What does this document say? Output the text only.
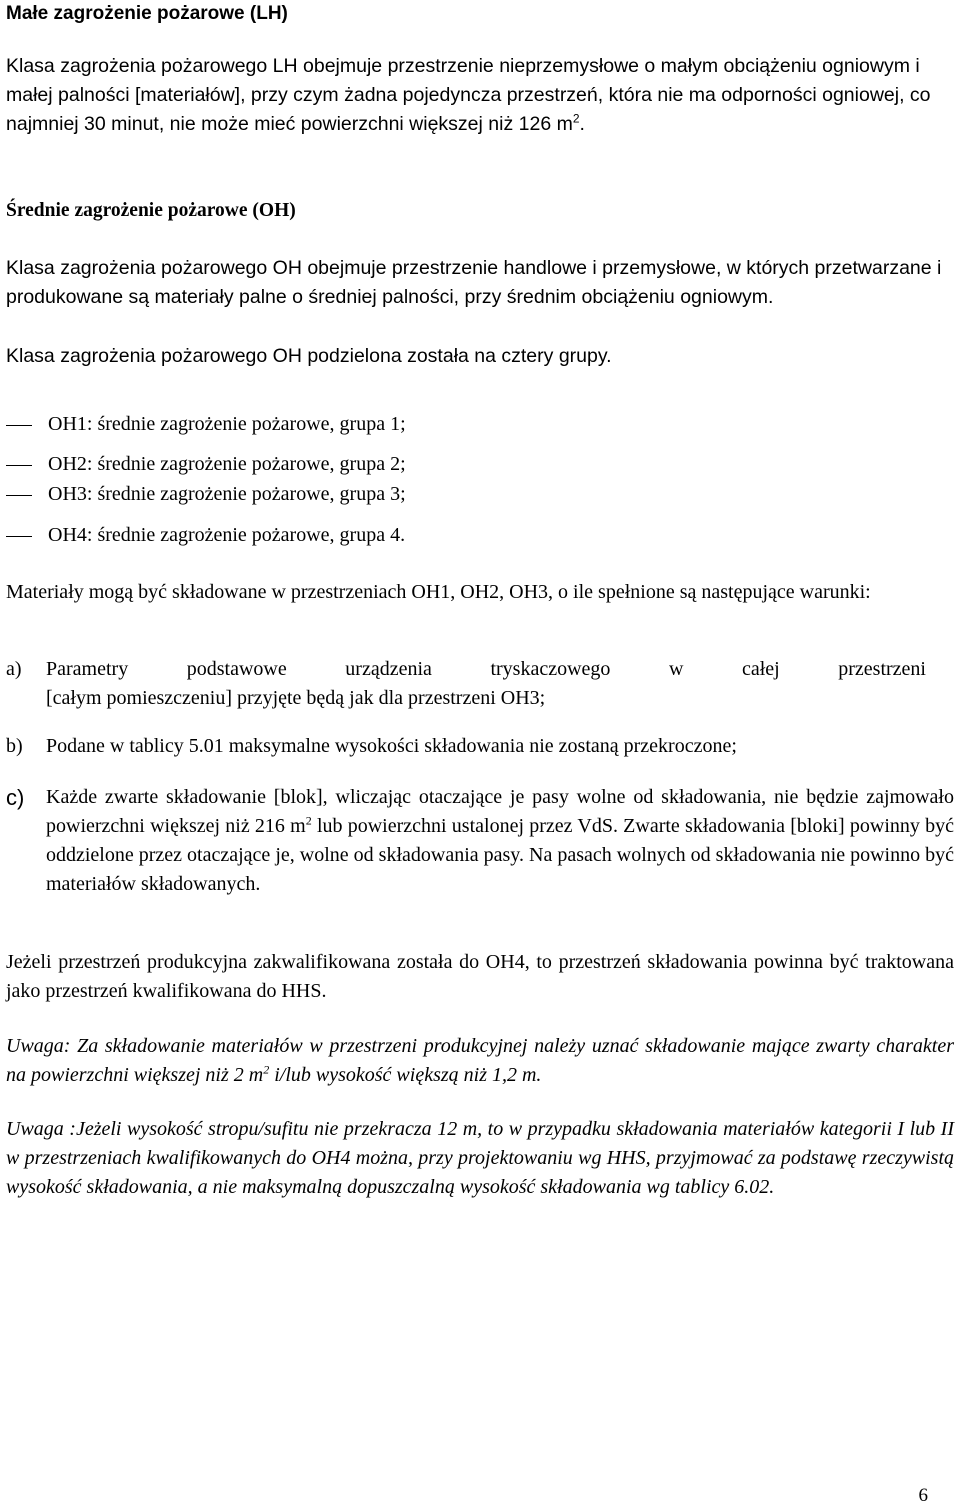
Małe zagrożenie pożarowe (LH)

Klasa zagrożenia pożarowego LH obejmuje przestrzenie nieprzemysłowe o małym obciążeniu ogniowym i małej palności [materiałów], przy czym żadna pojedyncza przestrzeń, która nie ma odporności ogniowej, co najmniej 30 minut, nie może mieć powierzchni większej niż 126 $m^2$.

Średnie zagrożenie pożarowe (OH)

Klasa zagrożenia pożarowego OH obejmuje przestrzenie handlowe i przemysłowe, w których przetwarzane i produkowane są materiały palne o średniej palności, przy średnim obciążeniu ogniowym.

Klasa zagrożenia pożarowego OH podzielona została na cztery grupy.

OH1: średnie zagrożenie pożarowe, grupa 1;
OH2: średnie zagrożenie pożarowe, grupa 2;
OH3: średnie zagrożenie pożarowe, grupa 3;
OH4: średnie zagrożenie pożarowe, grupa 4.

Materiały mogą być składowane w przestrzeniach OH1, OH2, OH3, o ile spełnione są następujące warunki:

a) Parametry podstawowe urządzenia tryskaczowego w całej przestrzeni
[całym pomieszczeniu] przyjęte będą jak dla przestrzeni OH3;
b) Podane w tablicy 5.01 maksymalne wysokości składowania nie zostaną przekroczone;
c) Każde zwarte składowanie [blok], wliczając otaczające je pasy wolne od składowania, nie będzie zajmowało powierzchni większej niż 216 $m^2$ lub powierzchni ustalonej przez VdS. Zwarte składowania [bloki] powinny być oddzielone przez otaczające je, wolne od składowania pasy. Na pasach wolnych od składowania nie powinno być materiałów składowanych.

Jeżeli przestrzeń produkcyjna zakwalifikowana została do OH4, to przestrzeń składowania powinna być traktowana jako przestrzeń kwalifikowana do HHS.

Uwaga: Za składowanie materiałów w przestrzeni produkcyjnej należy uznać składowanie mające zwarty charakter na powierzchni większej niż 2 $m^2$ i/lub wysokość większą niż 1,2 m.

Uwaga :Jeżeli wysokość stropu/sufitu nie przekracza 12 m, to w przypadku składowania materiałów kategorii I lub II w przestrzeniach kwalifikowanych do OH4 można, przy projektowaniu wg HHS, przyjmować za podstawę rzeczywistą wysokość składowania, a nie maksymalną dopuszczalną wysokość składowania wg tablicy 6.02.

6
